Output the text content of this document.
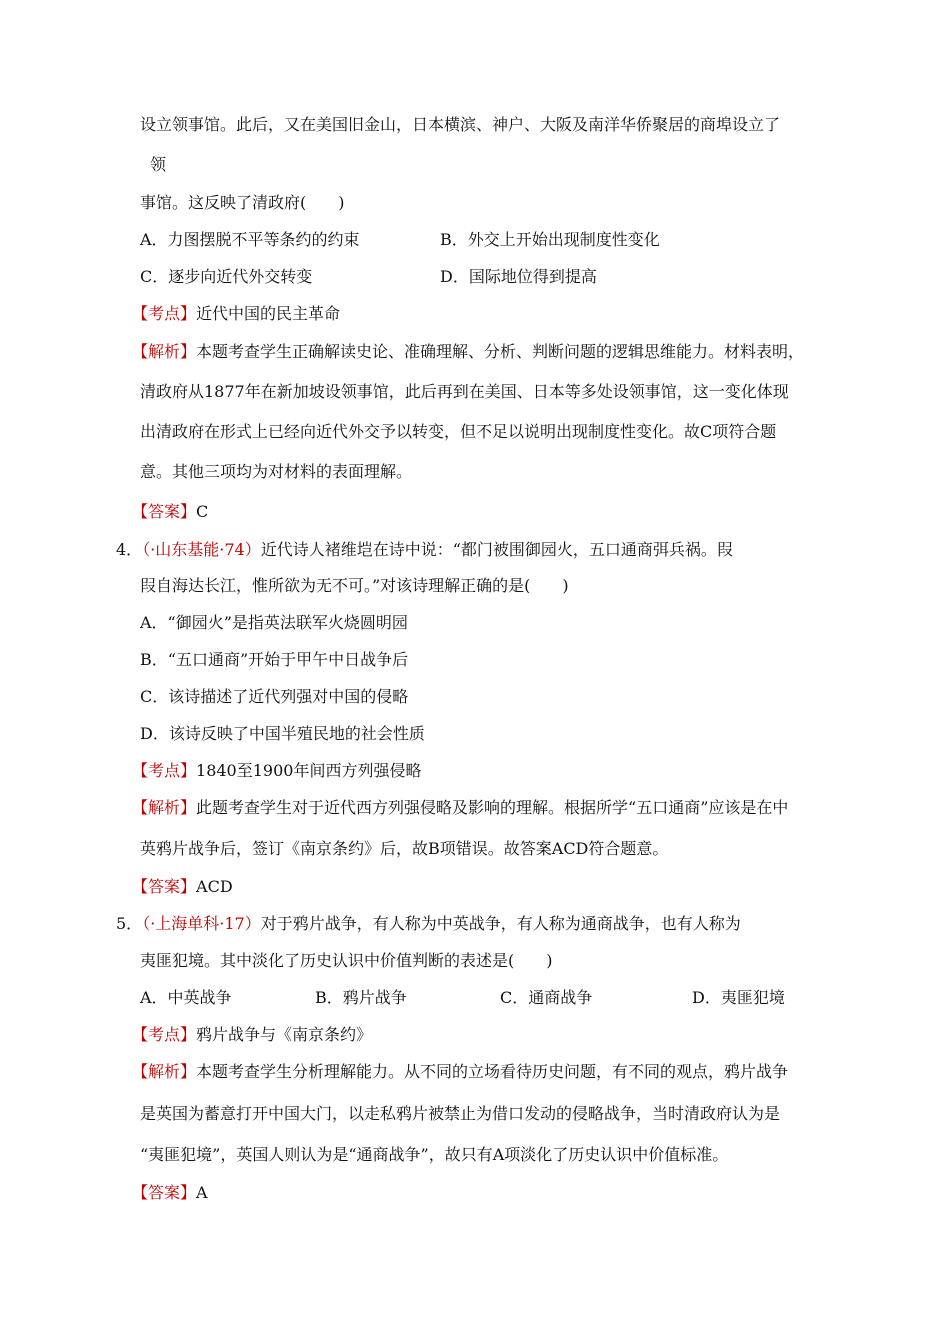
设立领事馆。此后，又在美国旧金山，日本横滨、神户、大阪及南洋华侨聚居的商埠设立了
领
事馆。这反映了清政府(　　)
A．力图摆脱不平等条约的约束	B．外交上开始出现制度性变化
C．逐步向近代外交转变	D．国际地位得到提高
【考点】近代中国的民主革命
【解析】本题考查学生正确解读史论、准确理解、分析、判断问题的逻辑思维能力。材料表明，
清政府从1877年在新加坡设领事馆，此后再到在美国、日本等多处设领事馆，这一变化体现
出清政府在形式上已经向近代外交予以转变，但不足以说明出现制度性变化。故C项符合题
意。其他三项均为对材料的表面理解。
【答案】C
4．（·山东基能·74）近代诗人褚维垲在诗中说：“都门被围御园火，五口通商弭兵祸。叚
叚自海达长江，惟所欲为无不可。”对该诗理解正确的是(　　)
A．“御园火”是指英法联军火烧圆明园
B．“五口通商”开始于甲午中日战争后
C．该诗描述了近代列强对中国的侵略
D．该诗反映了中国半殖民地的社会性质
【考点】1840至1900年间西方列强侵略
【解析】此题考查学生对于近代西方列强侵略及影响的理解。根据所学“五口通商”应该是在中
英鸦片战争后，签订《南京条约》后，故B项错误。故答案ACD符合题意。
【答案】ACD
5．（·上海单科·17）对于鸦片战争，有人称为中英战争，有人称为通商战争，也有人称为
夷匪犯境。其中淡化了历史认识中价值判断的表述是(　　)
A．中英战争	B．鸦片战争	C．通商战争	D．夷匪犯境
【考点】鸦片战争与《南京条约》
【解析】本题考查学生分析理解能力。从不同的立场看待历史问题，有不同的观点，鸦片战争
是英国为蓄意打开中国大门，以走私鸦片被禁止为借口发动的侵略战争，当时清政府认为是
“夷匪犯境”，英国人则认为是“通商战争”，故只有A项淡化了历史认识中价值标准。
【答案】A
